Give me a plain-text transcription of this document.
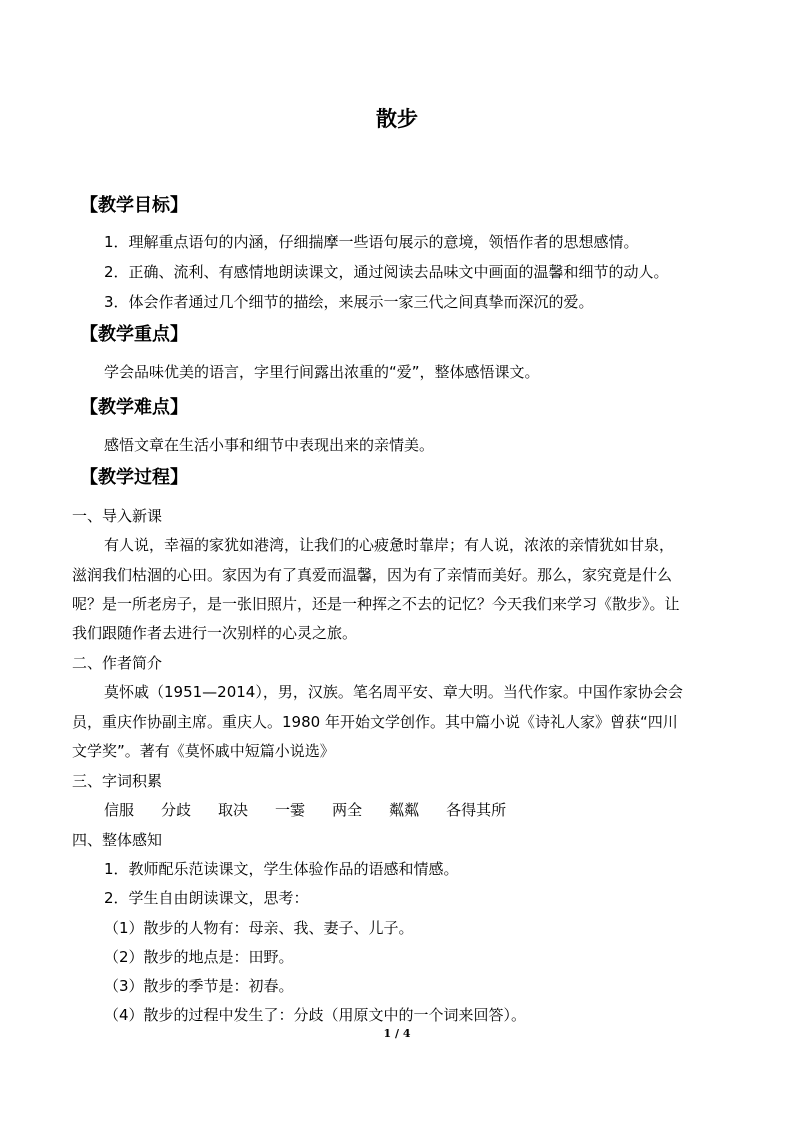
散步
【教学目标】
1．理解重点语句的内涵，仔细揣摩一些语句展示的意境，领悟作者的思想感情。
2．正确、流利、有感情地朗读课文，通过阅读去品味文中画面的温馨和细节的动人。
3．体会作者通过几个细节的描绘，来展示一家三代之间真挚而深沉的爱。
【教学重点】
学会品味优美的语言，字里行间露出浓重的“爱”，整体感悟课文。
【教学难点】
感悟文章在生活小事和细节中表现出来的亲情美。
【教学过程】
一、导入新课
有人说，幸福的家犹如港湾，让我们的心疲惫时靠岸；有人说，浓浓的亲情犹如甘泉，
滋润我们枯涸的心田。家因为有了真爱而温馨，因为有了亲情而美好。那么，家究竟是什么
呢？是一所老房子，是一张旧照片，还是一种挥之不去的记忆？今天我们来学习《散步》。让
我们跟随作者去进行一次别样的心灵之旅。
二、作者简介
莫怀戚（1951—2014），男，汉族。笔名周平安、章大明。当代作家。中国作家协会会
员，重庆作协副主席。重庆人。1980 年开始文学创作。其中篇小说《诗礼人家》曾获“四川
文学奖”。著有《莫怀戚中短篇小说选》
三、字词积累
信服 分歧 取决 一霎 两全 粼粼 各得其所
四、整体感知
1．教师配乐范读课文，学生体验作品的语感和情感。
2．学生自由朗读课文，思考：
（1）散步的人物有：母亲、我、妻子、儿子。
（2）散步的地点是：田野。
（3）散步的季节是：初春。
（4）散步的过程中发生了：分歧（用原文中的一个词来回答）。
1 / 4
